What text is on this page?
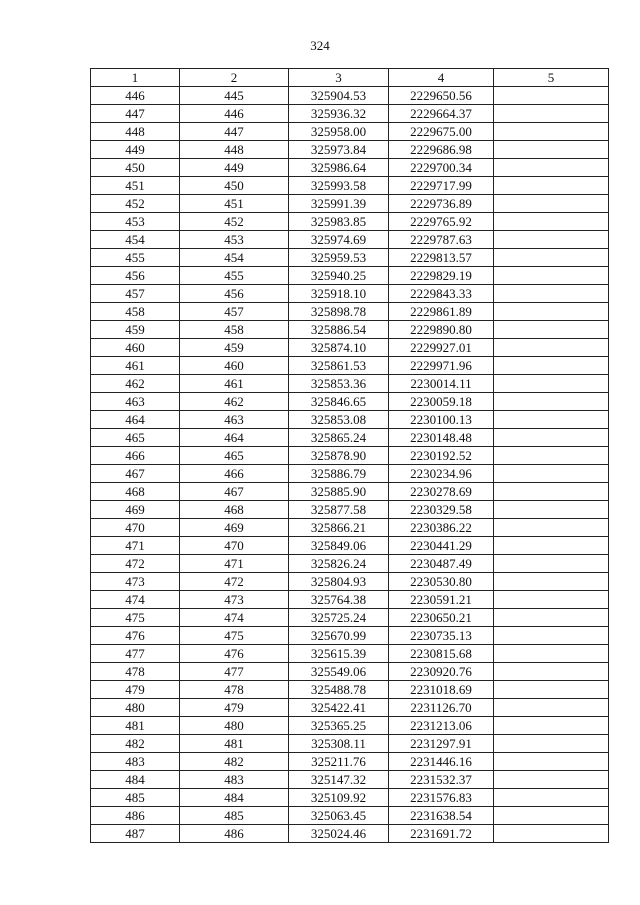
324
1	2	3	4	5
446	445	325904.53	2229650.56	
447	446	325936.32	2229664.37	
448	447	325958.00	2229675.00	
449	448	325973.84	2229686.98	
450	449	325986.64	2229700.34	
451	450	325993.58	2229717.99	
452	451	325991.39	2229736.89	
453	452	325983.85	2229765.92	
454	453	325974.69	2229787.63	
455	454	325959.53	2229813.57	
456	455	325940.25	2229829.19	
457	456	325918.10	2229843.33	
458	457	325898.78	2229861.89	
459	458	325886.54	2229890.80	
460	459	325874.10	2229927.01	
461	460	325861.53	2229971.96	
462	461	325853.36	2230014.11	
463	462	325846.65	2230059.18	
464	463	325853.08	2230100.13	
465	464	325865.24	2230148.48	
466	465	325878.90	2230192.52	
467	466	325886.79	2230234.96	
468	467	325885.90	2230278.69	
469	468	325877.58	2230329.58	
470	469	325866.21	2230386.22	
471	470	325849.06	2230441.29	
472	471	325826.24	2230487.49	
473	472	325804.93	2230530.80	
474	473	325764.38	2230591.21	
475	474	325725.24	2230650.21	
476	475	325670.99	2230735.13	
477	476	325615.39	2230815.68	
478	477	325549.06	2230920.76	
479	478	325488.78	2231018.69	
480	479	325422.41	2231126.70	
481	480	325365.25	2231213.06	
482	481	325308.11	2231297.91	
483	482	325211.76	2231446.16	
484	483	325147.32	2231532.37	
485	484	325109.92	2231576.83	
486	485	325063.45	2231638.54	
487	486	325024.46	2231691.72	
